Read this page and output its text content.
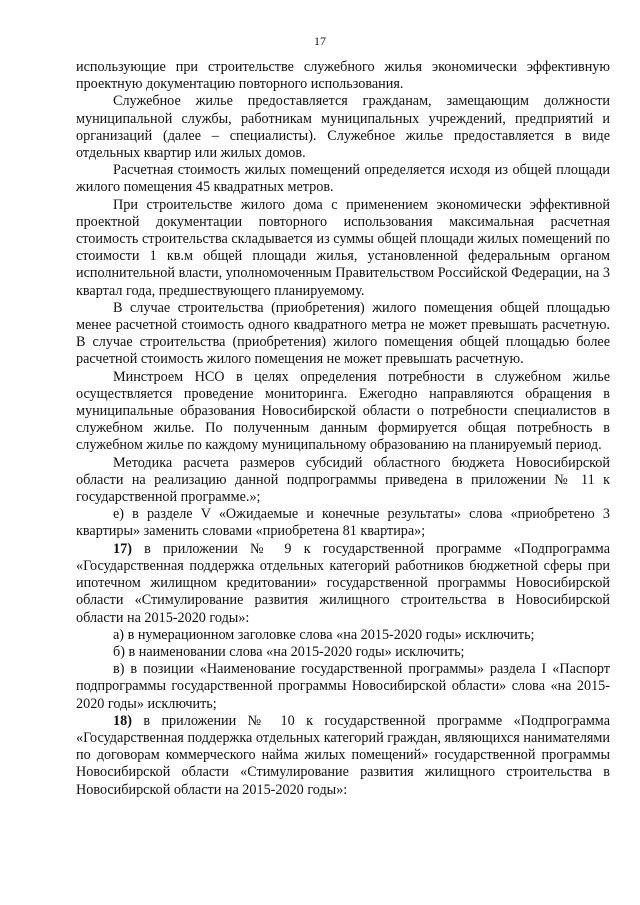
17

использующие при строительстве служебного жилья экономически эффективную проектную документацию повторного использования.

Служебное жилье предоставляется гражданам, замещающим должности муниципальной службы, работникам муниципальных учреждений, предприятий и организаций (далее – специалисты). Служебное жилье предоставляется в виде отдельных квартир или жилых домов.

Расчетная стоимость жилых помещений определяется исходя из общей площади жилого помещения 45 квадратных метров.

При строительстве жилого дома с применением экономически эффективной проектной документации повторного использования максимальная расчетная стоимость строительства складывается из суммы общей площади жилых помещений по стоимости 1 кв.м общей площади жилья, установленной федеральным органом исполнительной власти, уполномоченным Правительством Российской Федерации, на 3 квартал года, предшествующего планируемому.

В случае строительства (приобретения) жилого помещения общей площадью менее расчетной стоимость одного квадратного метра не может превышать расчетную. В случае строительства (приобретения) жилого помещения общей площадью более расчетной стоимость жилого помещения не может превышать расчетную.

Минстроем НСО в целях определения потребности в служебном жилье осуществляется проведение мониторинга. Ежегодно направляются обращения в муниципальные образования Новосибирской области о потребности специалистов в служебном жилье. По полученным данным формируется общая потребность в служебном жилье по каждому муниципальному образованию на планируемый период.

Методика расчета размеров субсидий областного бюджета Новосибирской области на реализацию данной подпрограммы приведена в приложении № 11 к государственной программе.»;

е) в разделе V «Ожидаемые и конечные результаты» слова «приобретено 3 квартиры» заменить словами «приобретена 81 квартира»;

17) в приложении № 9 к государственной программе «Подпрограмма «Государственная поддержка отдельных категорий работников бюджетной сферы при ипотечном жилищном кредитовании» государственной программы Новосибирской области «Стимулирование развития жилищного строительства в Новосибирской области на 2015-2020 годы»:

а) в нумерационном заголовке слова «на 2015-2020 годы» исключить;

б) в наименовании слова «на 2015-2020 годы» исключить;

в) в позиции «Наименование государственной программы» раздела I «Паспорт подпрограммы государственной программы Новосибирской области» слова «на 2015-2020 годы» исключить;

18) в приложении № 10 к государственной программе «Подпрограмма «Государственная поддержка отдельных категорий граждан, являющихся нанимателями по договорам коммерческого найма жилых помещений» государственной программы Новосибирской области «Стимулирование развития жилищного строительства в Новосибирской области на 2015-2020 годы»:
